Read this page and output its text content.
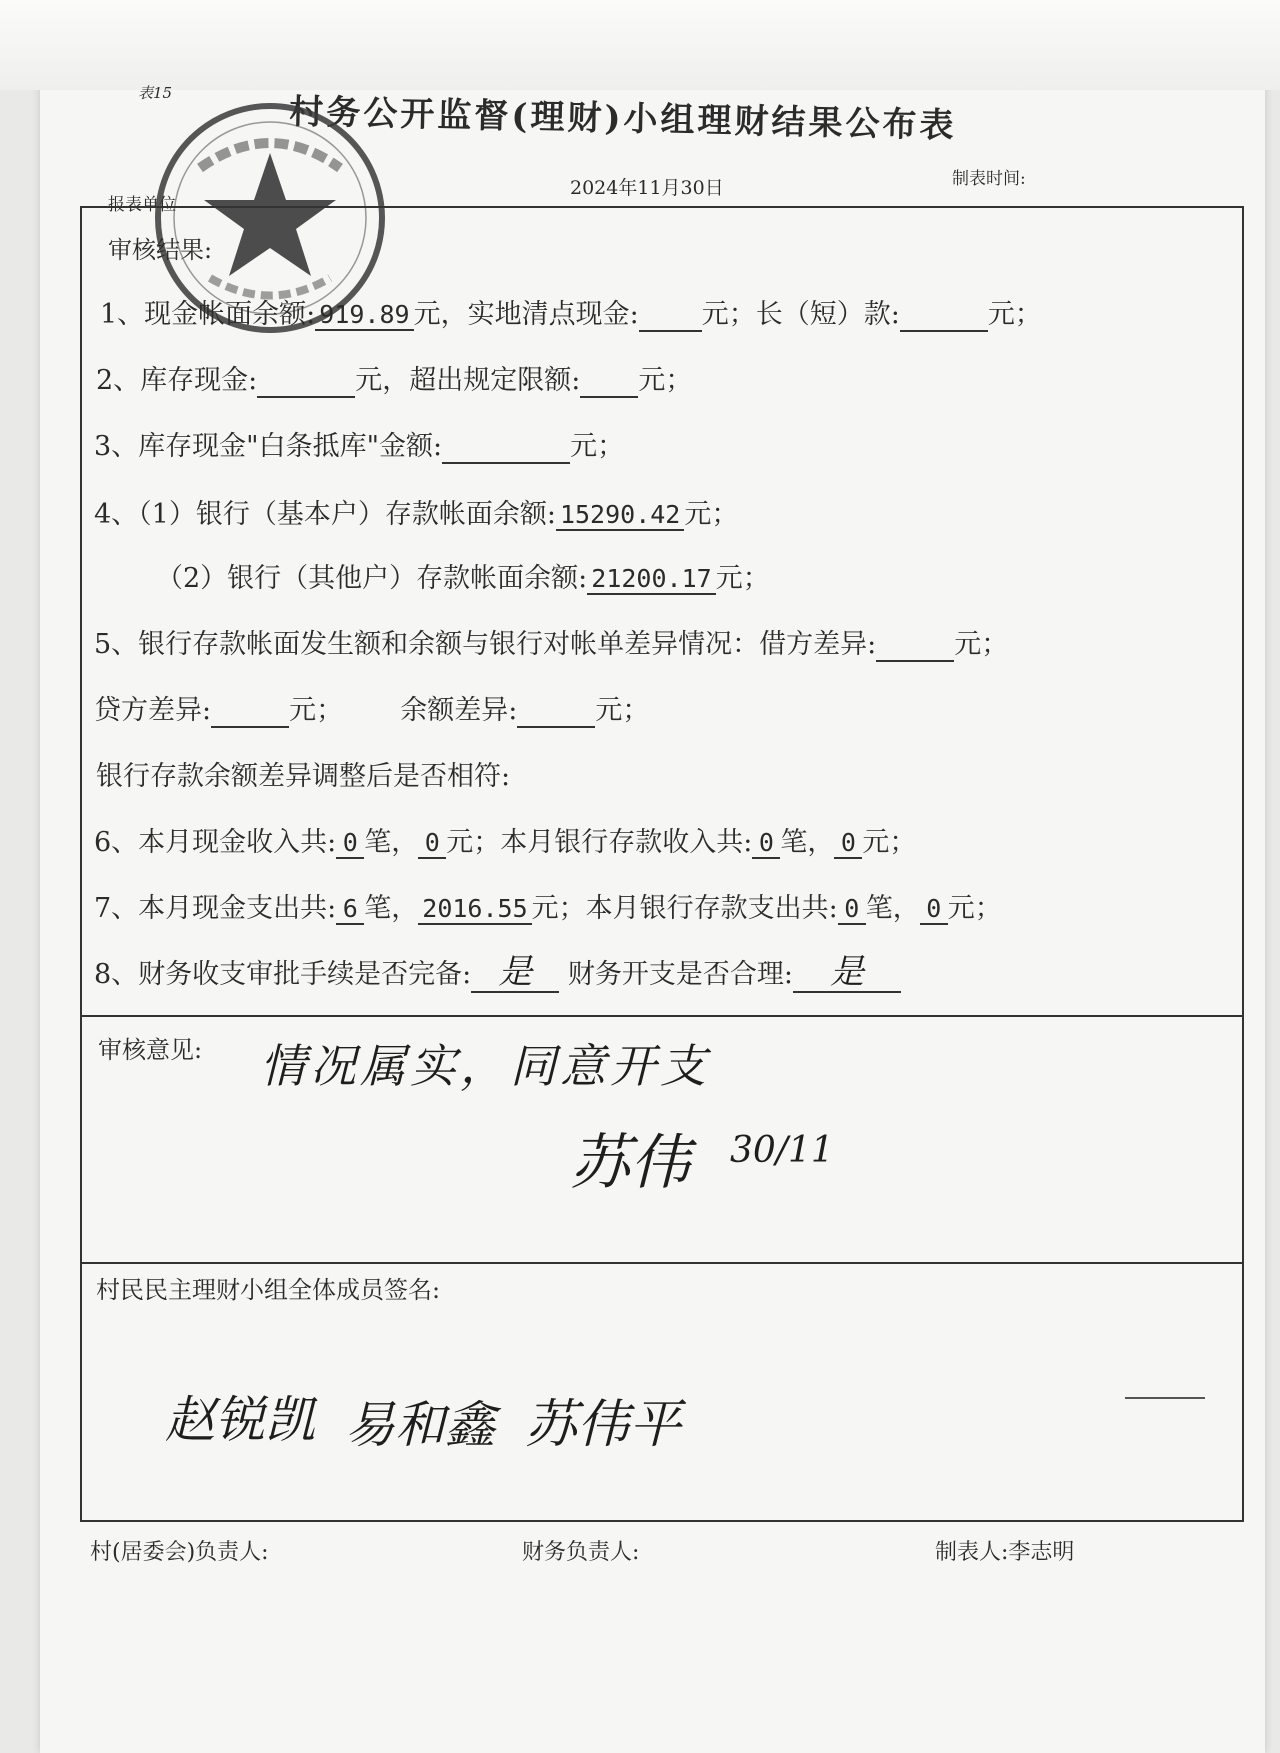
表15	村务公开监督(理财)小组理财结果公布表
2024年11月30日
报表单位
制表时间:
审核结果:
1、现金帐面余额: 919.89 元，实地清点现金: 元；长（短）款:	元；
2、库存现金:	元，超出规定限额: 元；
3、库存现金"白条抵库"金额:	元；
4、（1）银行（基本户）存款帐面余额: 15290.42 元；
（2）银行（其他户）存款帐面余额: 21200.17 元；
5、银行存款帐面发生额和余额与银行对帐单差异情况：借方差异:	元；
贷方差异:	元； 余额差异:	元；
银行存款余额差异调整后是否相符:
6、本月现金收入共: 0 笔， 0 元；本月银行存款收入共: 0 笔， 0 元；
7、本月现金支出共: 6 笔， 2016.55 元；本月银行存款支出共: 0 笔， 0 元；
8、财务收支审批手续是否完备: 是 财务开支是否合理: 是
审核意见: 情况属实，同意开支
苏伟 30/11
村民民主理财小组全体成员签名:
赵锐凯 易和鑫 苏伟平
村(居委会)负责人:	财务负责人:	制表人:李志明
